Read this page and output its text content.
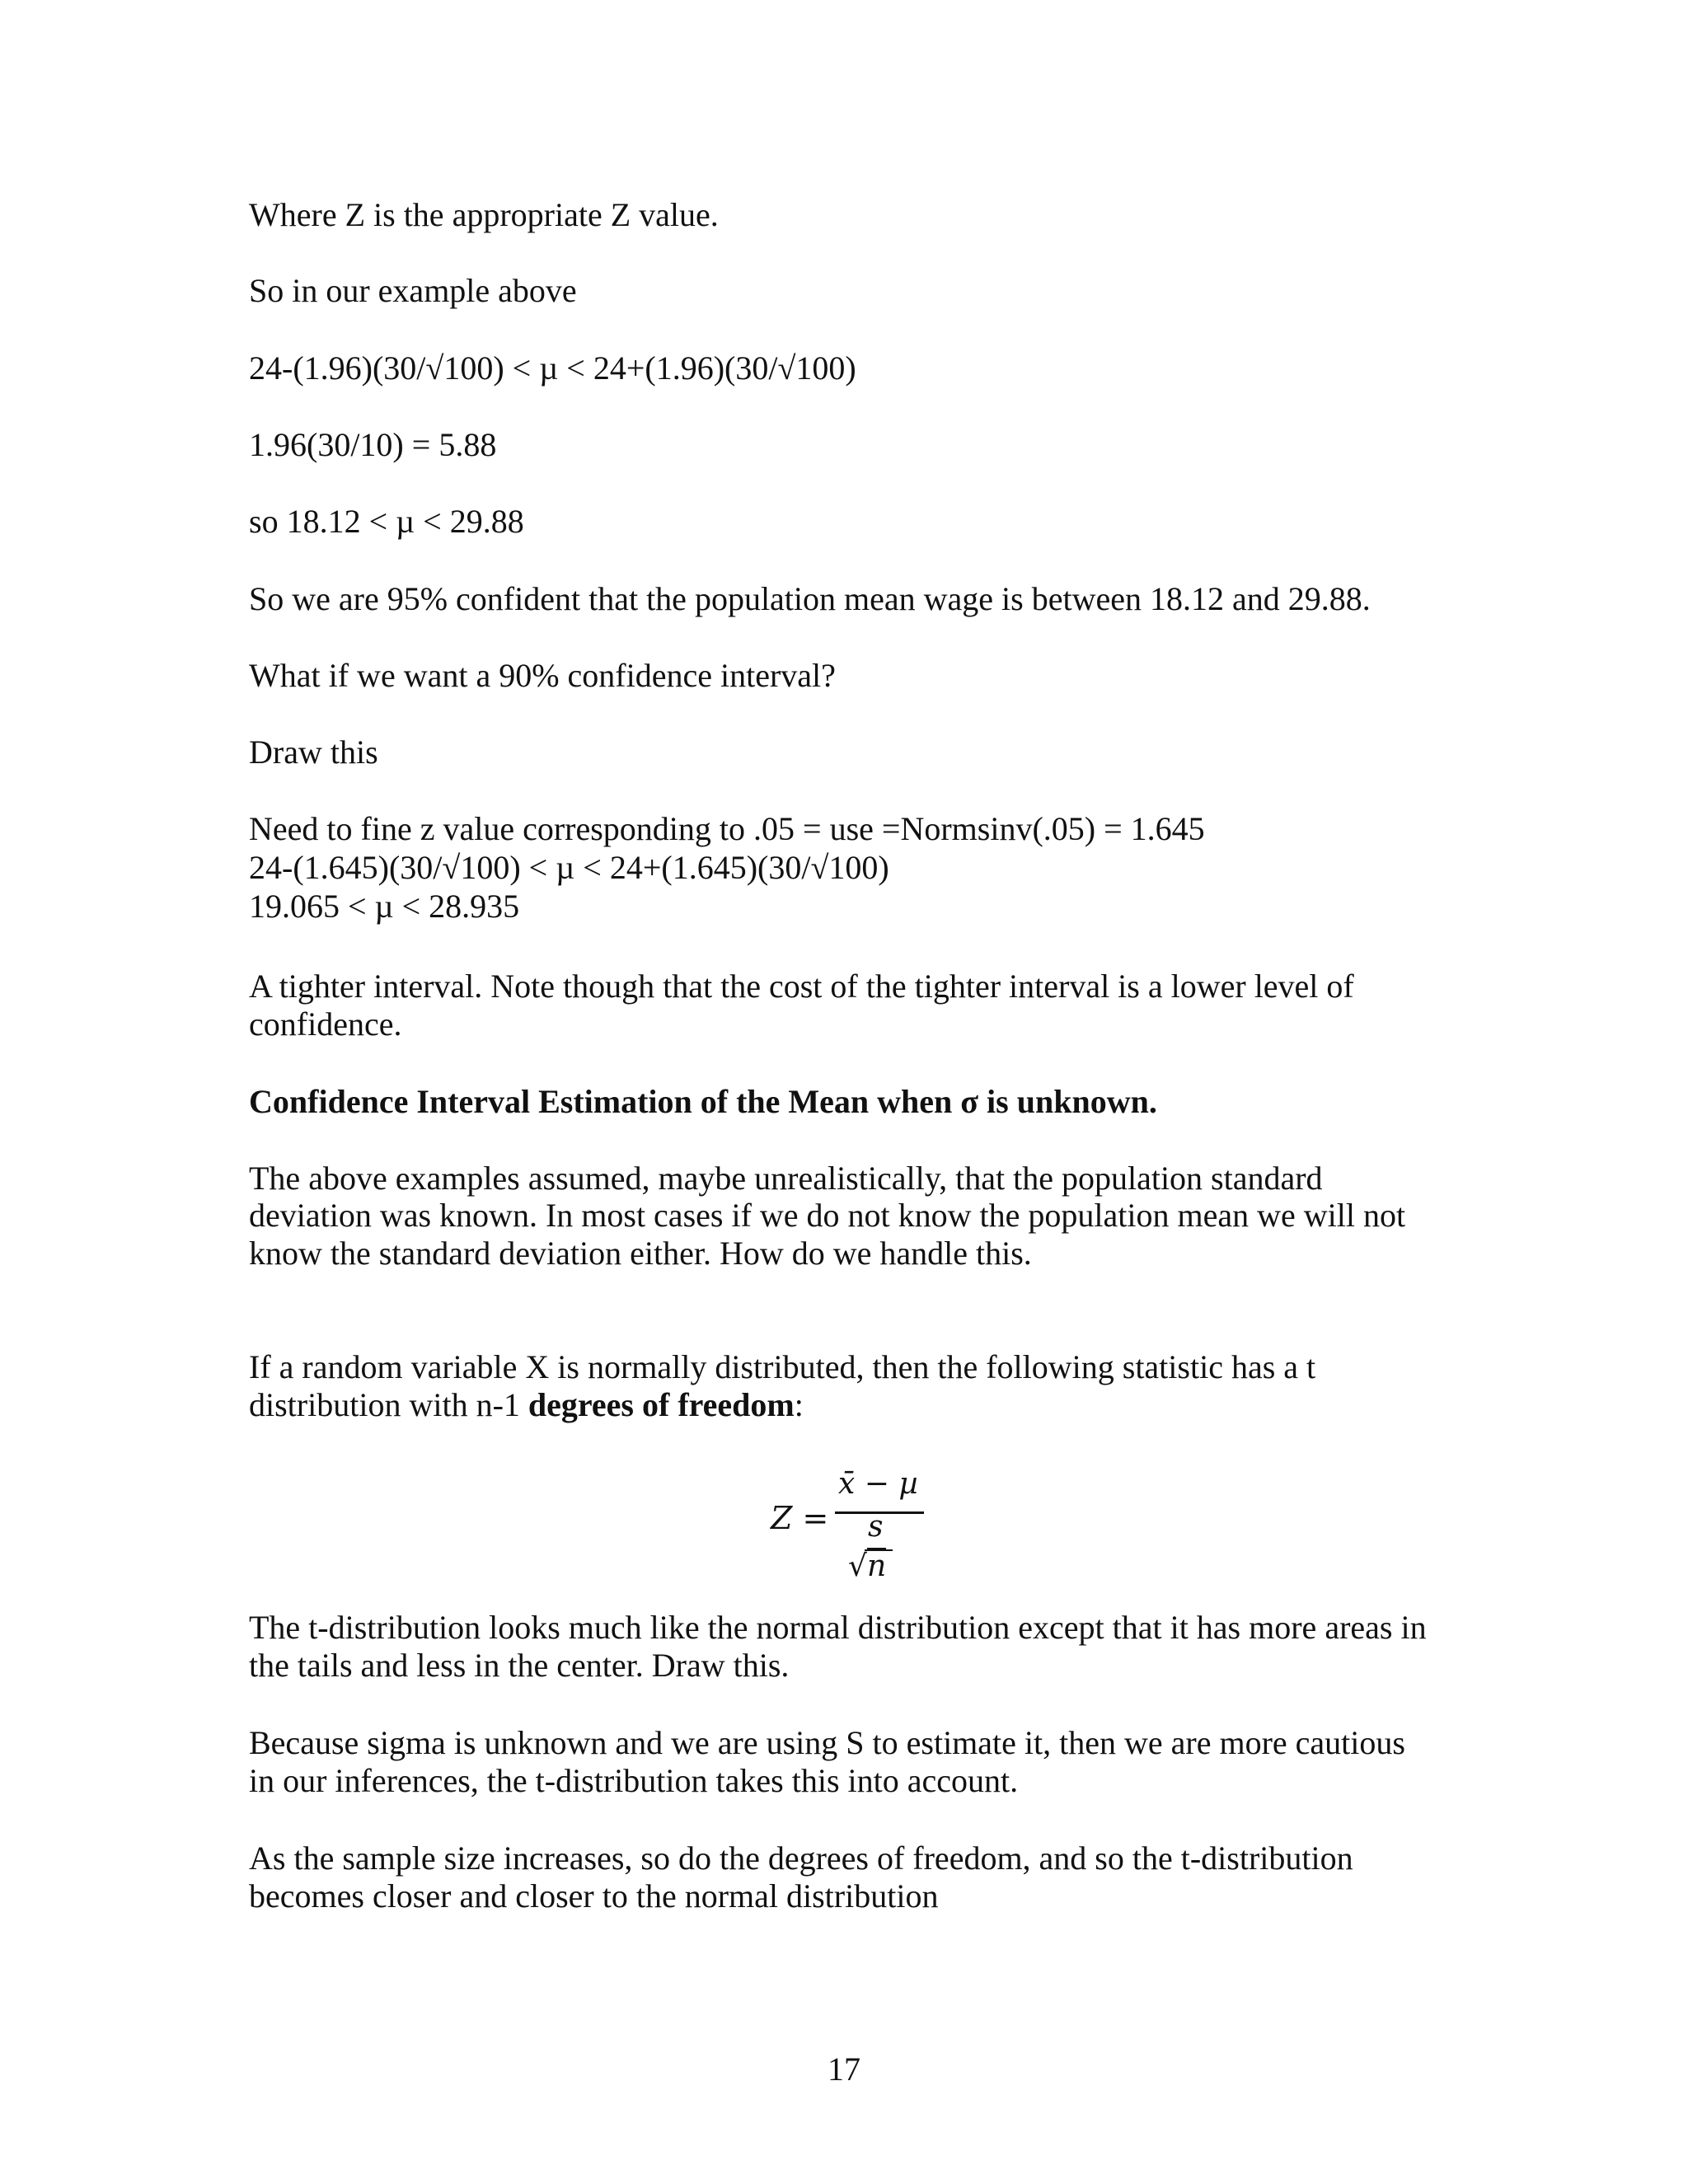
Where Z is the appropriate Z value.
So in our example above
24-(1.96)(30/√100) < µ < 24+(1.96)(30/√100)
1.96(30/10) = 5.88
so 18.12 < µ < 29.88
So we are 95% confident that the population mean wage is between 18.12 and 29.88.
What if we want a 90% confidence interval?
Draw this
Need to fine z value corresponding to .05 = use =Normsinv(.05) = 1.645
24-(1.645)(30/√100) < µ < 24+(1.645)(30/√100)
19.065 < µ < 28.935
A tighter interval. Note though that the cost of the tighter interval is a lower level of
confidence.
Confidence Interval Estimation of the Mean when σ is unknown.
The above examples assumed, maybe unrealistically, that the population standard
deviation was known. In most cases if we do not know the population mean we will not
know the standard deviation either. How do we handle this.
If a random variable X is normally distributed, then the following statistic has a t
distribution with n-1 degrees of freedom:
Z =
x̄ − µ
s
√n
The t-distribution looks much like the normal distribution except that it has more areas in
the tails and less in the center. Draw this.
Because sigma is unknown and we are using S to estimate it, then we are more cautious
in our inferences, the t-distribution takes this into account.
As the sample size increases, so do the degrees of freedom, and so the t-distribution
becomes closer and closer to the normal distribution
17
